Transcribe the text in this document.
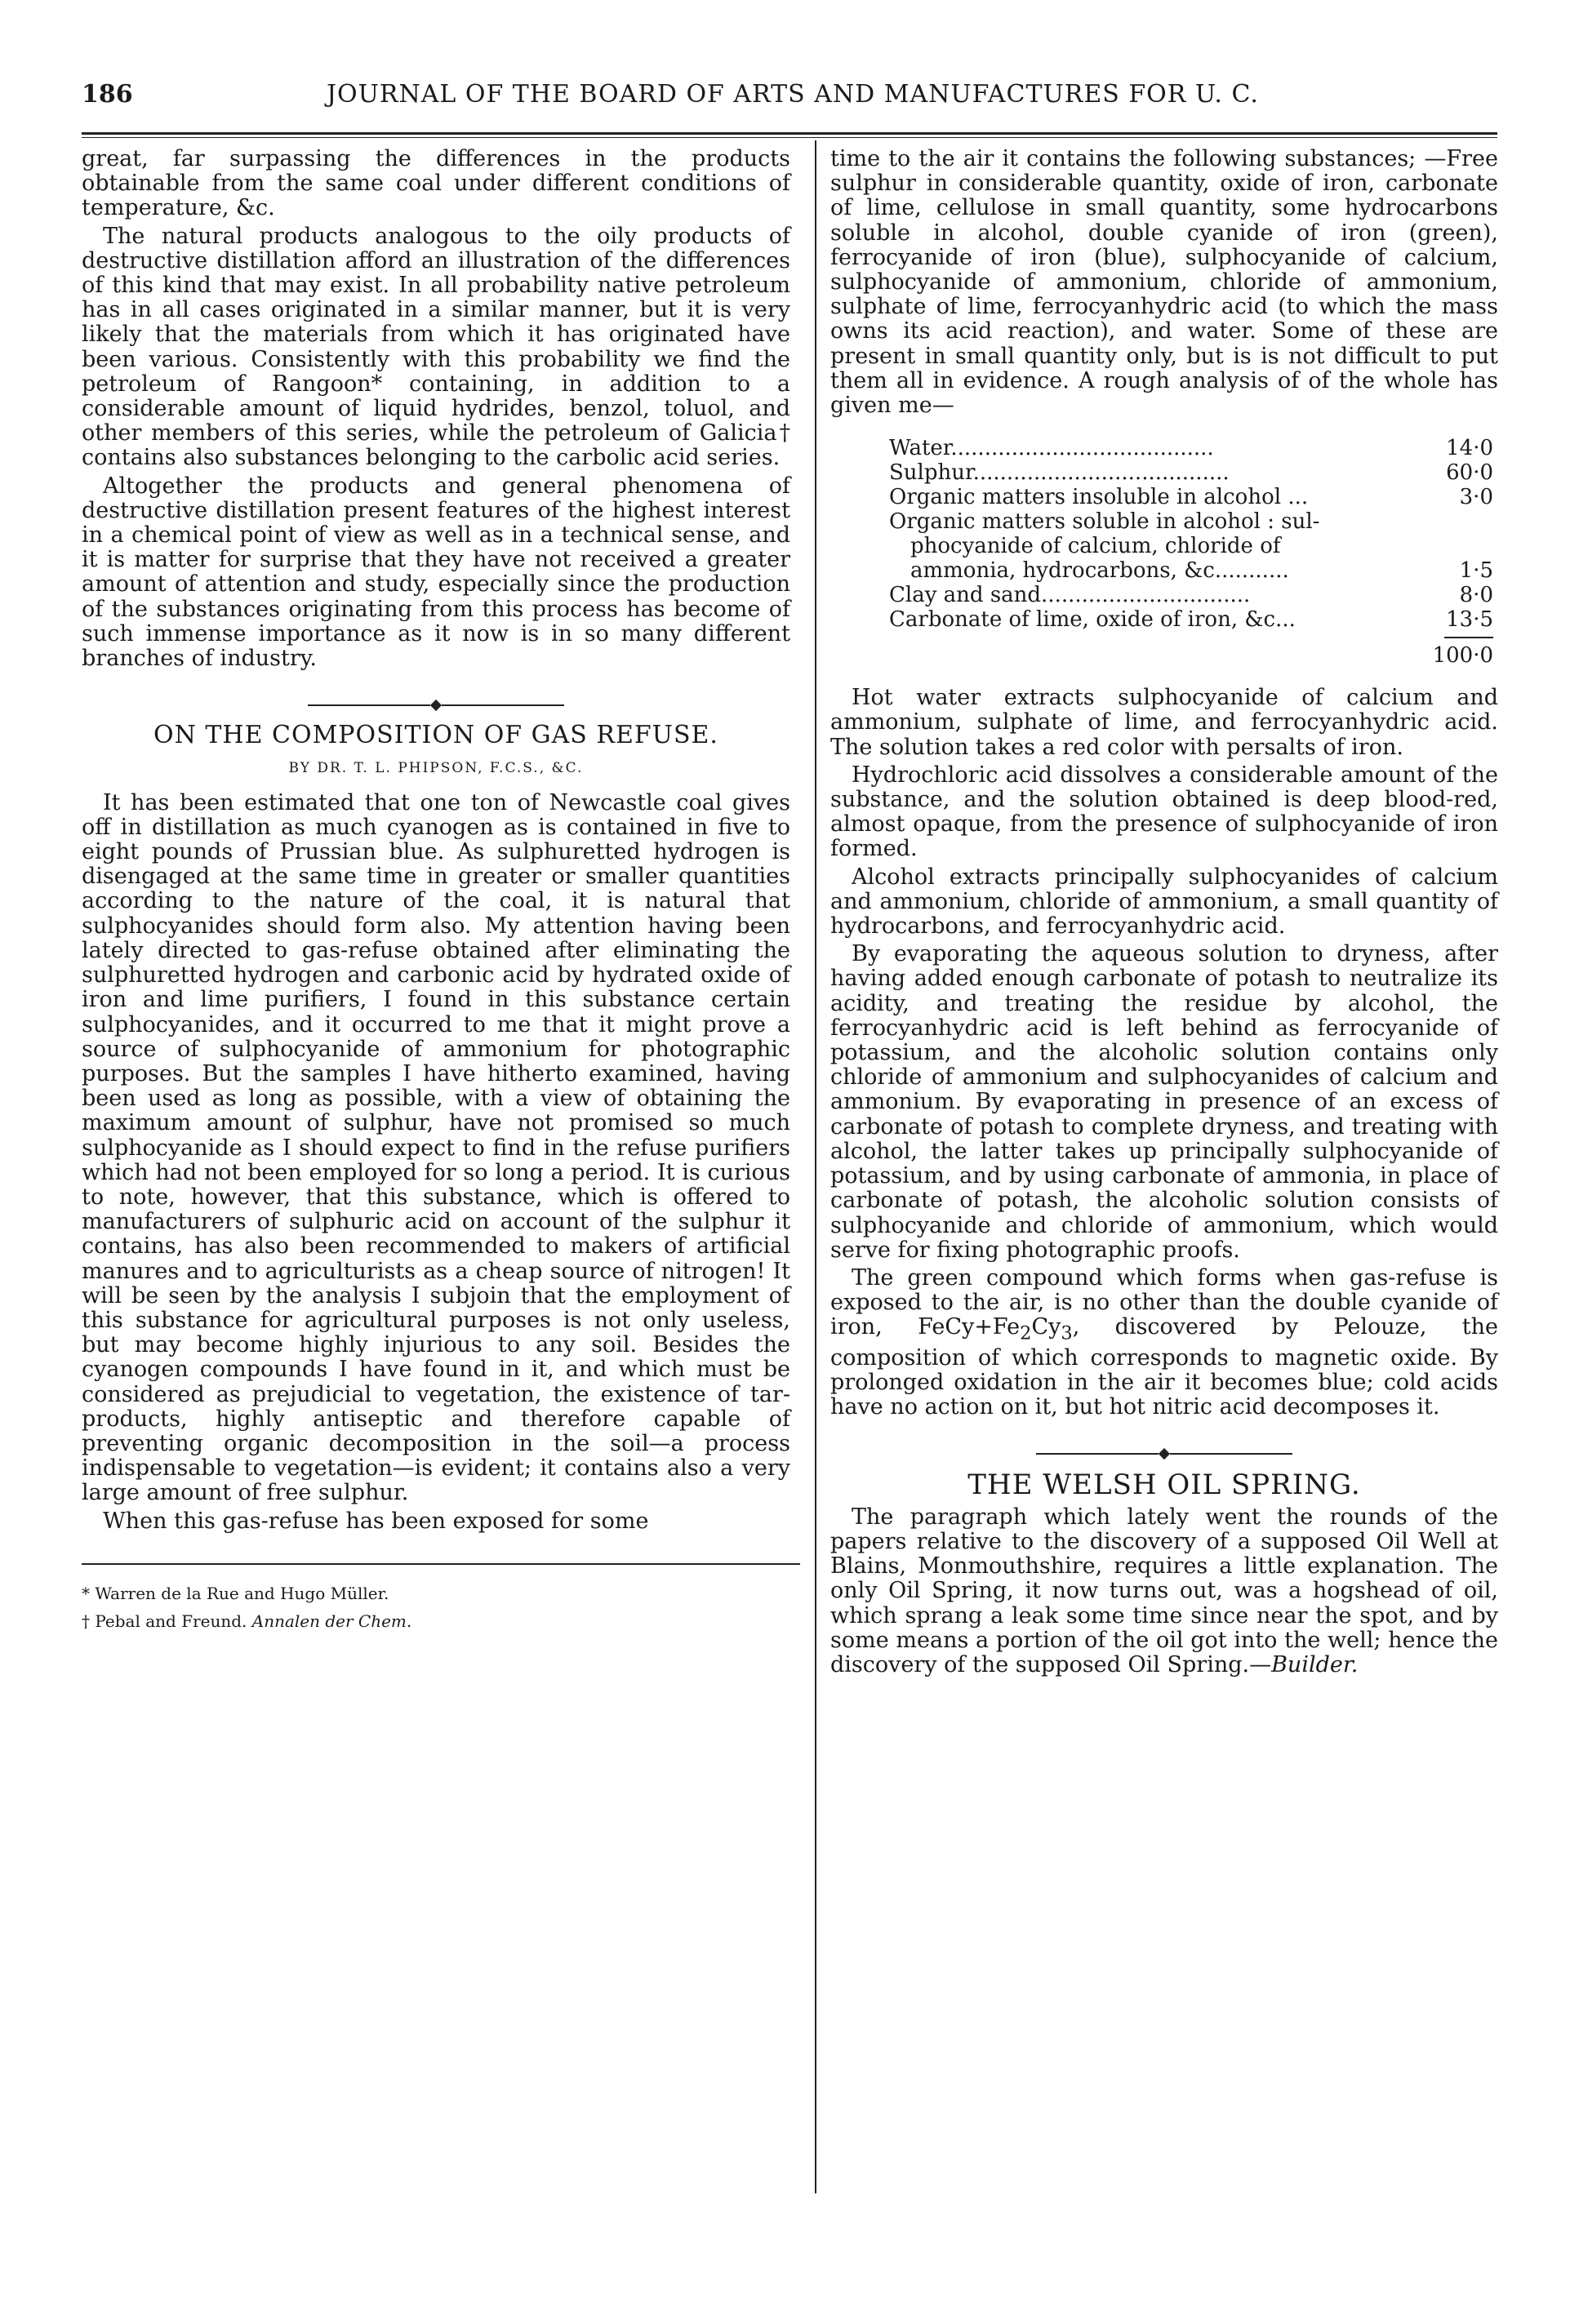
186	JOURNAL OF THE BOARD OF ARTS AND MANUFACTURES FOR U. C.

great, far surpassing the differences in the products obtainable from the same coal under different conditions of temperature, &c.

The natural products analogous to the oily products of destructive distillation afford an illustration of the differences of this kind that may exist. In all probability native petroleum has in all cases originated in a similar manner, but it is very likely that the materials from which it has originated have been various. Consistently with this probability we find the petroleum of Rangoon* containing, in addition to a considerable amount of liquid hydrides, benzol, toluol, and other members of this series, while the petroleum of Galicia† contains also substances belonging to the carbolic acid series.

Altogether the products and general phenomena of destructive distillation present features of the highest interest in a chemical point of view as well as in a technical sense, and it is matter for surprise that they have not received a greater amount of attention and study, especially since the production of the substances originating from this process has become of such immense importance as it now is in so many different branches of industry.

ON THE COMPOSITION OF GAS REFUSE.
BY DR. T. L. PHIPSON, F.C.S., &C.

It has been estimated that one ton of Newcastle coal gives off in distillation as much cyanogen as is contained in five to eight pounds of Prussian blue. As sulphuretted hydrogen is disengaged at the same time in greater or smaller quantities according to the nature of the coal, it is natural that sulphocyanides should form also. My attention having been lately directed to gas-refuse obtained after eliminating the sulphuretted hydrogen and carbonic acid by hydrated oxide of iron and lime purifiers, I found in this substance certain sulphocyanides, and it occurred to me that it might prove a source of sulphocyanide of ammonium for photographic purposes. But the samples I have hitherto examined, having been used as long as possible, with a view of obtaining the maximum amount of sulphur, have not promised so much sulphocyanide as I should expect to find in the refuse purifiers which had not been employed for so long a period. It is curious to note, however, that this substance, which is offered to manufacturers of sulphuric acid on account of the sulphur it contains, has also been recommended to makers of artificial manures and to agriculturists as a cheap source of nitrogen! It will be seen by the analysis I subjoin that the employment of this substance for agricultural purposes is not only useless, but may become highly injurious to any soil. Besides the cyanogen compounds I have found in it, and which must be considered as prejudicial to vegetation, the existence of tar-products, highly antiseptic and therefore capable of preventing organic decomposition in the soil—a process indispensable to vegetation—is evident; it contains also a very large amount of free sulphur.

When this gas-refuse has been exposed for some

* Warren de la Rue and Hugo Müller.

† Pebal and Freund. Annalen der Chem.

time to the air it contains the following substances; —Free sulphur in considerable quantity, oxide of iron, carbonate of lime, cellulose in small quantity, some hydrocarbons soluble in alcohol, double cyanide of iron (green), ferrocyanide of iron (blue), sulphocyanide of calcium, sulphocyanide of ammonium, chloride of ammonium, sulphate of lime, ferrocyanhydric acid (to which the mass owns its acid reaction), and water. Some of these are present in small quantity only, but is is not difficult to put them all in evidence. A rough analysis of of the whole has given me—

Water.......................................	14·0
Sulphur......................................	60·0
Organic matters insoluble in alcohol ...	3·0
Organic matters soluble in alcohol : sul-
phocyanide of calcium, chloride of
ammonia, hydrocarbons, &c...........	1·5
Clay and sand...............................	8·0
Carbonate of lime, oxide of iron, &c...	13·5
100·0

Hot water extracts sulphocyanide of calcium and ammonium, sulphate of lime, and ferrocyanhydric acid. The solution takes a red color with persalts of iron.

Hydrochloric acid dissolves a considerable amount of the substance, and the solution obtained is deep blood-red, almost opaque, from the presence of sulphocyanide of iron formed.

Alcohol extracts principally sulphocyanides of calcium and ammonium, chloride of ammonium, a small quantity of hydrocarbons, and ferrocyanhydric acid.

By evaporating the aqueous solution to dryness, after having added enough carbonate of potash to neutralize its acidity, and treating the residue by alcohol, the ferrocyanhydric acid is left behind as ferrocyanide of potassium, and the alcoholic solution contains only chloride of ammonium and sulphocyanides of calcium and ammonium. By evaporating in presence of an excess of carbonate of potash to complete dryness, and treating with alcohol, the latter takes up principally sulphocyanide of potassium, and by using carbonate of ammonia, in place of carbonate of potash, the alcoholic solution consists of sulphocyanide and chloride of ammonium, which would serve for fixing photographic proofs.

The green compound which forms when gas-refuse is exposed to the air, is no other than the double cyanide of iron, $FeCy+Fe_2Cy_3$, discovered by Pelouze, the composition of which corresponds to magnetic oxide. By prolonged oxidation in the air it becomes blue; cold acids have no action on it, but hot nitric acid decomposes it.

THE WELSH OIL SPRING.

The paragraph which lately went the rounds of the papers relative to the discovery of a supposed Oil Well at Blains, Monmouthshire, requires a little explanation. The only Oil Spring, it now turns out, was a hogshead of oil, which sprang a leak some time since near the spot, and by some means a portion of the oil got into the well; hence the discovery of the supposed Oil Spring.—Builder.
